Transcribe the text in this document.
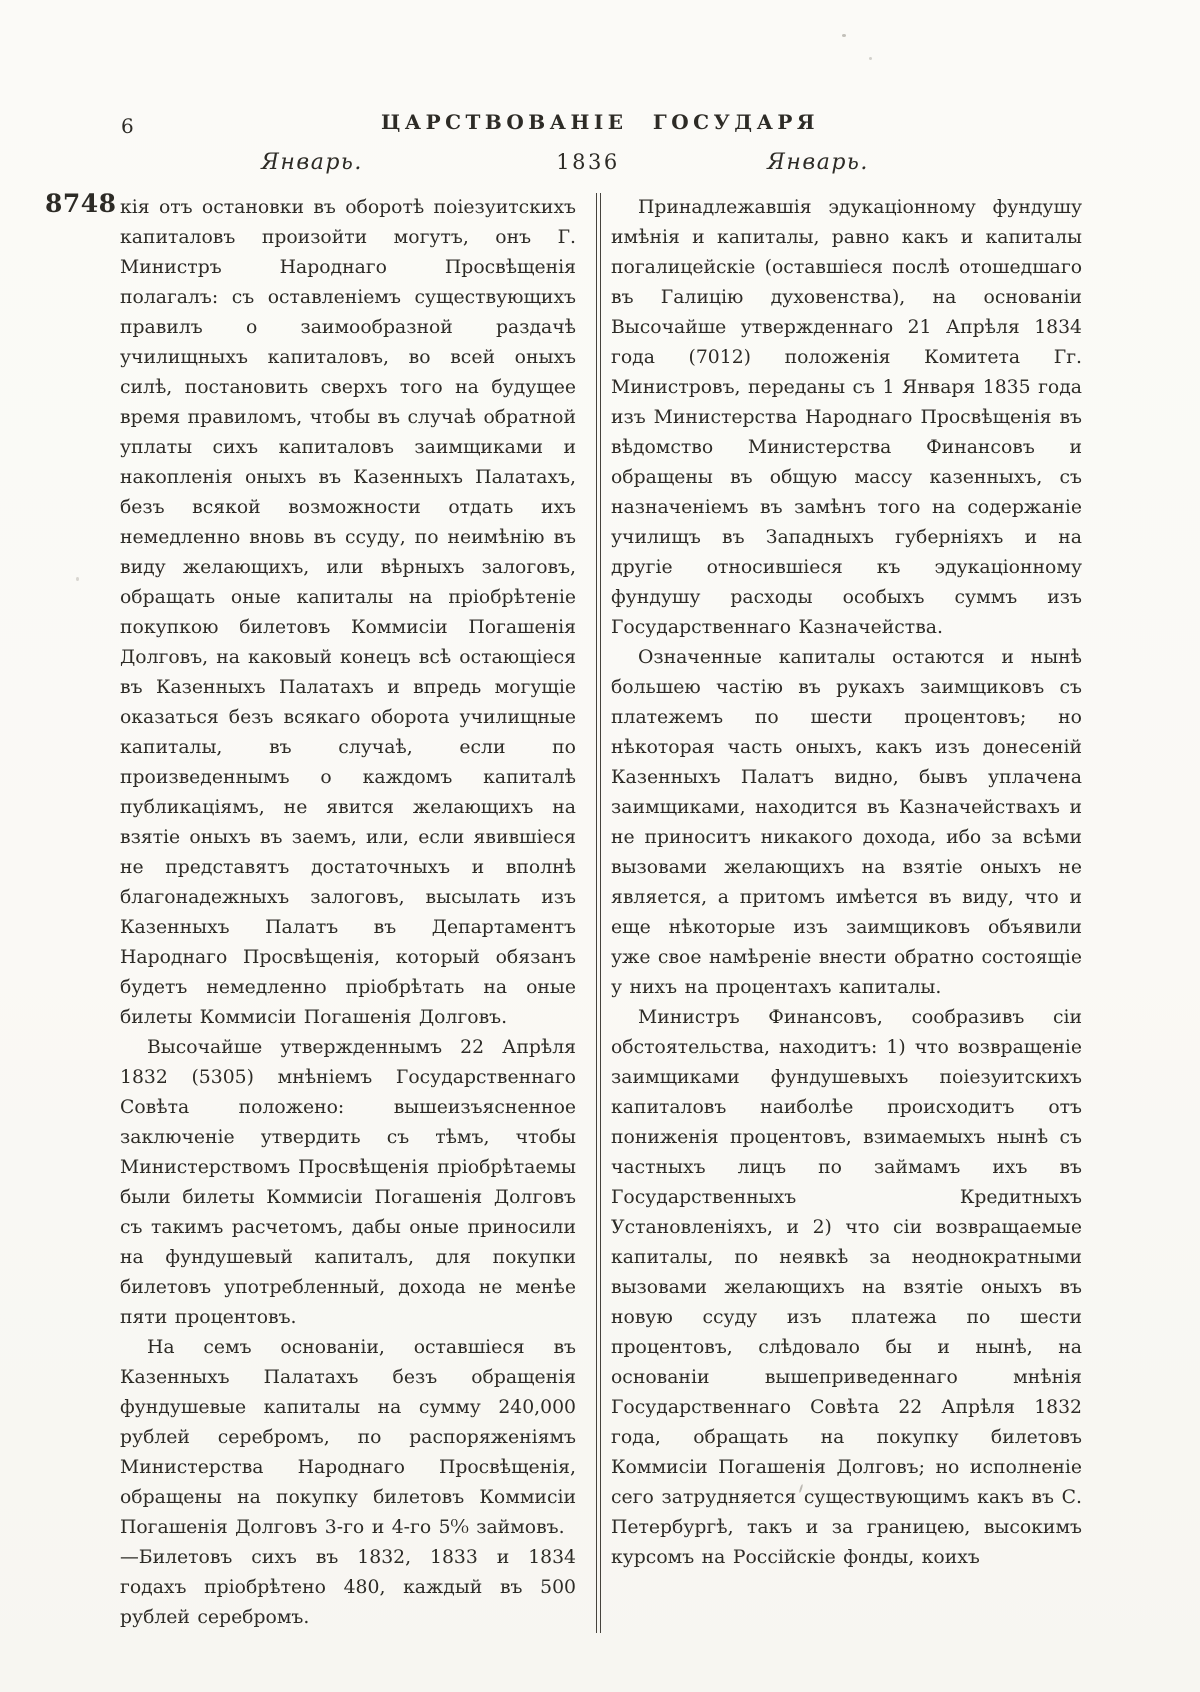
6	ЦАРСТВОВАНІЕ ГОСУДАРЯ
Январь.	1836	Январь.
8748 кія отъ остановки въ оборотѣ поіезуитскихъ капиталовъ произойти могутъ, онъ Г. Министръ Народнаго Просвѣщенія полагалъ: съ оставленіемъ существующихъ правилъ о заимообразной раздачѣ училищныхъ капиталовъ, во всей оныхъ силѣ, постановить сверхъ того на будущее время правиломъ, чтобы въ случаѣ обратной уплаты сихъ капиталовъ заимщиками и накопленія оныхъ въ Казенныхъ Палатахъ, безъ всякой возможности отдать ихъ немедленно вновь въ ссуду, по неимѣнію въ виду желающихъ, или вѣрныхъ залоговъ, обращать оные капиталы на пріобрѣтеніе покупкою билетовъ Коммисіи Погашенія Долговъ, на каковый конецъ всѣ остающіеся въ Казенныхъ Палатахъ и впредь могущіе оказаться безъ всякаго оборота училищные капиталы, въ случаѣ, если по произведеннымъ о каждомъ капиталѣ публикаціямъ, не явится желающихъ на взятіе оныхъ въ заемъ, или, если явившіеся не представятъ достаточныхъ и вполнѣ благонадежныхъ залоговъ, высылать изъ Казенныхъ Палатъ въ Департаментъ Народнаго Просвѣщенія, который обязанъ будетъ немедленно пріобрѣтать на оные билеты Коммисіи Погашенія Долговъ.

Высочайше утвержденнымъ 22 Апрѣля 1832 (5305) мнѣніемъ Государственнаго Совѣта положено: вышеизъясненное заключеніе утвердить съ тѣмъ, чтобы Министерствомъ Просвѣщенія пріобрѣтаемы были билеты Коммисіи Погашенія Долговъ съ такимъ расчетомъ, дабы оные приносили на фундушевый капиталъ, для покупки билетовъ употребленный, дохода не менѣе пяти процентовъ.

На семъ основаніи, оставшіеся въ Казенныхъ Палатахъ безъ обращенія фундушевые капиталы на сумму 240,000 рублей серебромъ, по распоряженіямъ Министерства Народнаго Просвѣщенія, обращены на покупку билетовъ Коммисіи Погашенія Долговъ 3-го и 4-го 5⁰⁄₀ займовъ.

—Билетовъ сихъ въ 1832, 1833 и 1834 годахъ пріобрѣтено 480, каждый въ 500 рублей серебромъ.

Принадлежавшія эдукаціонному фундушу имѣнія и капиталы, равно какъ и капиталы погалицейскіе (оставшіеся послѣ отошедшаго въ Галицію духовенства), на основаніи Высочайше утвержденнаго 21 Апрѣля 1834 года (7012) положенія Комитета Гг. Министровъ, переданы съ 1 Января 1835 года изъ Министерства Народнаго Просвѣщенія въ вѣдомство Министерства Финансовъ и обращены въ общую массу казенныхъ, съ назначеніемъ въ замѣнъ того на содержаніе училищъ въ Западныхъ губерніяхъ и на другіе относившіеся къ эдукаціонному фундушу расходы особыхъ суммъ изъ Государственнаго Казначейства.

Означенные капиталы остаются и нынѣ большею частію въ рукахъ заимщиковъ съ платежемъ по шести процентовъ; но нѣкоторая часть оныхъ, какъ изъ донесеній Казенныхъ Палатъ видно, бывъ уплачена заимщиками, находится въ Казначействахъ и не приноситъ никакого дохода, ибо за всѣми вызовами желающихъ на взятіе оныхъ не является, а притомъ имѣется въ виду, что и еще нѣкоторые изъ заимщиковъ объявили уже свое намѣреніе внести обратно состоящіе у нихъ на процентахъ капиталы.

Министръ Финансовъ, сообразивъ сіи обстоятельства, находитъ: 1) что возвращеніе заимщиками фундушевыхъ поіезуитскихъ капиталовъ наиболѣе происходитъ отъ пониженія процентовъ, взимаемыхъ нынѣ съ частныхъ лицъ по займамъ ихъ въ Государственныхъ Кредитныхъ Установленіяхъ, и 2) что сіи возвращаемые капиталы, по неявкѣ за неоднократными вызовами желающихъ на взятіе оныхъ въ новую ссуду изъ платежа по шести процентовъ, слѣдовало бы и нынѣ, на основаніи вышеприведеннаго мнѣнія Государственнаго Совѣта 22 Апрѣля 1832 года, обращать на покупку билетовъ Коммисіи Погашенія Долговъ; но исполненіе сего затрудняется существующимъ какъ въ С. Петербургѣ, такъ и за границею, высокимъ курсомъ на Россійскіе фонды, коихъ
